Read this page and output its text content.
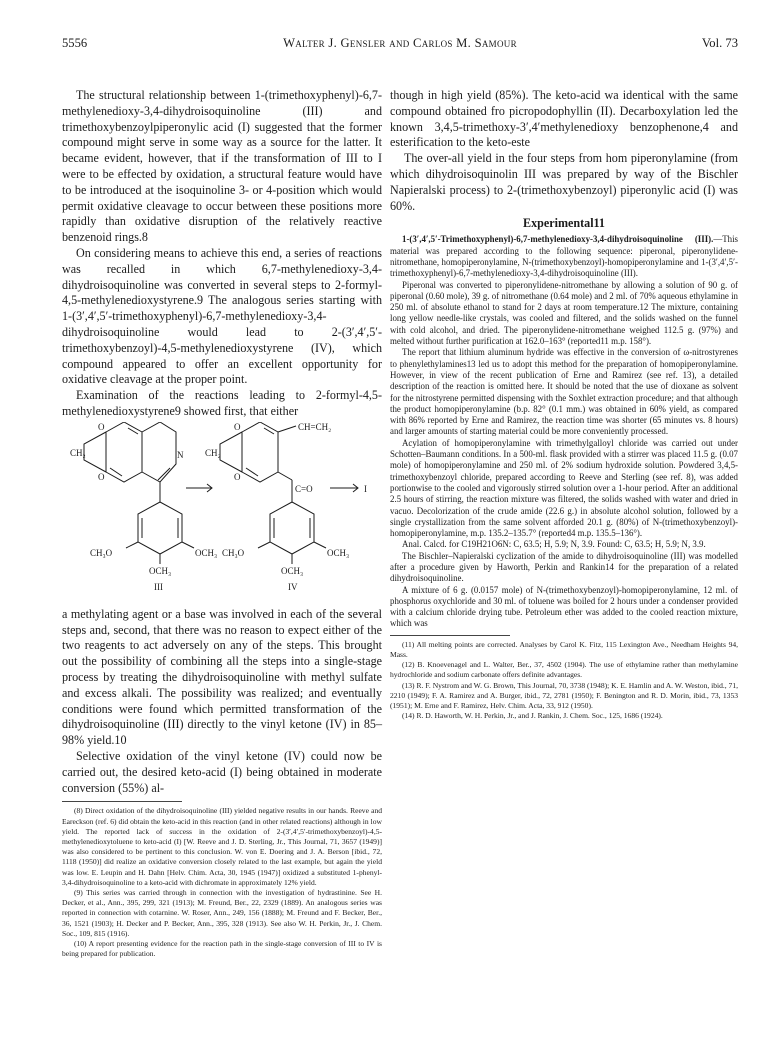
5556	Walter J. Gensler and Carlos M. Samour	Vol. 73

The structural relationship between 1-(trimethoxyphenyl)-6,7-methylenedioxy-3,4-dihydroisoquinoline (III) and trimethoxybenzoylpiperonylic acid (I) suggested that the former compound might serve in some way as a source for the latter. It became evident, however, that if the transformation of III to I were to be effected by oxidation, a structural feature would have to be introduced at the isoquinoline 3- or 4-position which would permit oxidative cleavage to occur between these positions more rapidly than oxidative disruption of the relatively reactive benzenoid rings.8

On considering means to achieve this end, a series of reactions was recalled in which 6,7-methylenedioxy-3,4-dihydroisoquinoline was converted in several steps to 2-formyl-4,5-methylenedioxystyrene.9 The analogous series starting with 1-(3′,4′,5′-trimethoxyphenyl)-6,7-methylenedioxy-3,4-dihydroisoquinoline would lead to 2-(3′,4′,5′-trimethoxybenzoyl)-4,5-methylenedioxystyrene (IV), which compound appeared to offer an excellent opportunity for oxidative cleavage at the proper point.

Examination of the reactions leading to 2-formyl-4,5-methylenedioxystyrene9 showed first, that either

CH₂
O
O
N
CH₃O	OCH₃
OCH₃
III
CH₂
O
O
CH=CH₂
C=O
CH₃O	OCH₃
OCH₃
IV
I

a methylating agent or a base was involved in each of the several steps and, second, that there was no reason to expect either of the two reagents to act adversely on any of the steps. This brought out the possibility of combining all the steps into a single-stage process by treating the dihydroisoquinoline with methyl sulfate and excess alkali. The possibility was realized; and eventually conditions were found which permitted transformation of the dihydroisoquinoline (III) directly to the vinyl ketone (IV) in 85–98% yield.10

Selective oxidation of the vinyl ketone (IV) could now be carried out, the desired keto-acid (I) being obtained in moderate conversion (55%) al-

(8) Direct oxidation of the dihydroisoquinoline (III) yielded negative results in our hands. Reeve and Eareckson (ref. 6) did obtain the keto-acid in this reaction (and in other related reactions) although in low yield. The reported lack of success in the oxidation of 2-(3′,4′,5′-trimethoxybenzoyl)-4,5-methylenedioxytoluene to keto-acid (I) [W. Reeve and J. D. Sterling, Jr., This Journal, 71, 3657 (1949)] was also considered to be pertinent to this conclusion. W. von E. Doering and J. A. Berson [ibid., 72, 1118 (1950)] did realize an oxidative conversion closely related to the last example, but again the yield was low. E. Leupin and H. Dahn [Helv. Chim. Acta, 30, 1945 (1947)] oxidized a substituted 1-phenyl-3,4-dihydroisoquinoline to a keto-acid with dichromate in approximately 12% yield.

(9) This series was carried through in connection with the investigation of hydrastinine. See H. Decker, et al., Ann., 395, 299, 321 (1913); M. Freund, Ber., 22, 2329 (1889). An analogous series was reported in connection with cotarnine. W. Roser, Ann., 249, 156 (1888); M. Freund and F. Becker, Ber., 36, 1521 (1903); H. Decker and P. Becker, Ann., 395, 328 (1913). See also W. H. Perkin, Jr., J. Chem. Soc., 109, 815 (1916).

(10) A report presenting evidence for the reaction path in the single-stage conversion of III to IV is being prepared for publication.

though in high yield (85%). The keto-acid wa identical with the same compound obtained fro picropodophyllin (II). Decarboxylation led the known 3,4,5-trimethoxy-3′,4′methylenedioxy benzophenone,4 and esterification to the keto-este

The over-all yield in the four steps from hom piperonylamine (from which dihydroisoquinolin III was prepared by way of the Bischler Napieralski process) to 2-(trimethoxybenzoyl) piperonylic acid (I) was 60%.

Experimental11

1-(3′,4′,5′-Trimethoxyphenyl)-6,7-methylenedioxy-3,4-dihydroisoquinoline (III).—This material was prepared according to the following sequence: piperonal, piperonylidene-nitromethane, homopiperonylamine, N-(trimethoxybenzoyl)-homopiperonylamine and 1-(3′,4′,5′-trimethoxyphenyl)-6,7-methylenedioxy-3,4-dihydroisoquinoline (III).

Piperonal was converted to piperonylidene-nitromethane by allowing a solution of 90 g. of piperonal (0.60 mole), 39 g. of nitromethane (0.64 mole) and 2 ml. of 70% aqueous ethylamine in 250 ml. of absolute ethanol to stand for 2 days at room temperature.12 The mixture, containing long yellow needle-like crystals, was cooled and filtered, and the solids washed on the funnel with cold alcohol, and dried. The piperonylidene-nitromethane weighed 112.5 g. (97%) and melted without further purification at 162.0–163° (reported11 m.p. 158°).

The report that lithium aluminum hydride was effective in the conversion of ω-nitrostyrenes to phenylethylamines13 led us to adopt this method for the preparation of homopiperonylamine. However, in view of the recent publication of Erne and Ramirez (see ref. 13), a detailed description of the reaction is omitted here. It should be noted that the use of dioxane as solvent for the nitrostyrene permitted dispensing with the Soxhlet extraction procedure; and that although the product homopiperonylamine (b.p. 82° (0.1 mm.) was obtained in 60% yield, as compared with 86% reported by Erne and Ramirez, the reaction time was shorter (65 minutes vs. 8 hours) and larger amounts of starting material could be more conveniently processed.

Acylation of homopiperonylamine with trimethylgalloyl chloride was carried out under Schotten–Baumann conditions. In a 500-ml. flask provided with a stirrer was placed 11.5 g. (0.07 mole) of homopiperonylamine and 250 ml. of 2% sodium hydroxide solution. Powdered 3,4,5-trimethoxybenzoyl chloride, prepared according to Reeve and Sterling (see ref. 8), was added portionwise to the cooled and vigorously stirred solution over a 1-hour period. After an additional 2.5 hours of stirring, the reaction mixture was filtered, the solids washed with water and dried in vacuo. Decolorization of the crude amide (22.6 g.) in absolute alcohol solution, followed by a single crystallization from the same solvent afforded 20.1 g. (80%) of N-(trimethoxybenzoyl)-homopiperonylamine, m.p. 135.2–135.7° (reported4 m.p. 135.5–136°).

Anal. Calcd. for C19H21O6N: C, 63.5; H, 5.9; N, 3.9. Found: C, 63.5; H, 5.9; N, 3.9.

The Bischler–Napieralski cyclization of the amide to dihydroisoquinoline (III) was modelled after a procedure given by Haworth, Perkin and Rankin14 for the preparation of a related dihydroisoquinoline.

A mixture of 6 g. (0.0157 mole) of N-(trimethoxybenzoyl)-homopiperonylamine, 12 ml. of phosphorus oxychloride and 30 ml. of toluene was boiled for 2 hours under a condenser provided with a calcium chloride drying tube. Petroleum ether was added to the cooled reaction mixture, which was

(11) All melting points are corrected. Analyses by Carol K. Fitz, 115 Lexington Ave., Needham Heights 94, Mass.

(12) B. Knoevenagel and L. Walter, Ber., 37, 4502 (1904). The use of ethylamine rather than methylamine hydrochloride and sodium carbonate offers definite advantages.

(13) R. F. Nystrom and W. G. Brown, This Journal, 70, 3738 (1948); K. E. Hamlin and A. W. Weston, ibid., 71, 2210 (1949); F. A. Ramirez and A. Burger, ibid., 72, 2781 (1950); F. Benington and R. D. Morin, ibid., 73, 1353 (1951); M. Erne and F. Ramirez, Helv. Chim. Acta, 33, 912 (1950).

(14) R. D. Haworth, W. H. Perkin, Jr., and J. Rankin, J. Chem. Soc., 125, 1686 (1924).
